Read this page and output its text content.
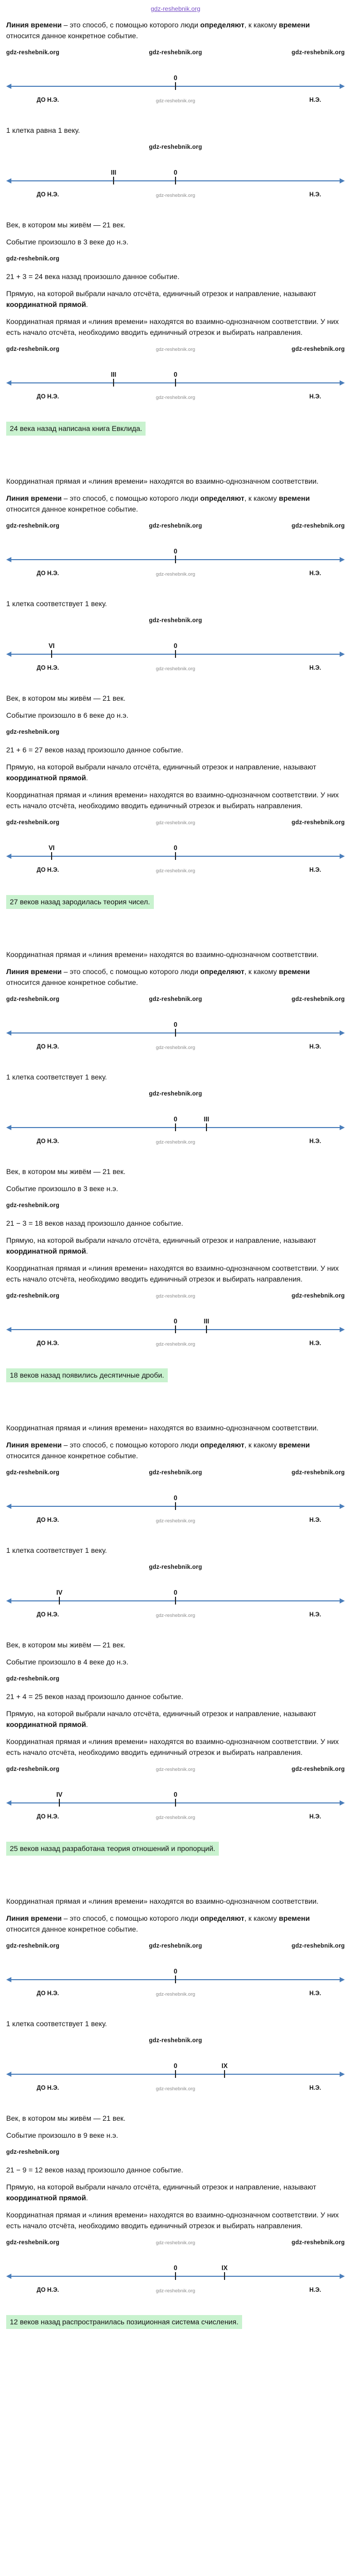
gdz-reshebnik.org

Линия времени – это способ, с помощью которого люди определяют, к какому времени относится данное конкретное событие.

gdz-reshebnik.org	gdz-reshebnik.org	gdz-reshebnik.org
0
ДО Н.Э.	gdz-reshebnik.org	Н.Э.

1 клетка равна 1 веку.

gdz-reshebnik.org
0
III
ДО Н.Э.	gdz-reshebnik.org	Н.Э.

Век, в котором мы живём — 21 век.

Событие произошло в 3 веке до н.э.

gdz-reshebnik.org

21 + 3 = 24 века назад произошло данное событие.

Прямую, на которой выбрали начало отсчёта, единичный отрезок и направление, называют координатной прямой.

Координатная прямая и «линия времени» находятся во взаимно-однозначном соответствии. У них есть начало отсчёта, необходимо вводить единичный отрезок и выбирать направления.

gdz-reshebnik.org	gdz-reshebnik.org	gdz-reshebnik.org
0
III
ДО Н.Э.	gdz-reshebnik.org	Н.Э.
24 века назад написана книга Евклида.

Координатная прямая и «линия времени» находятся во взаимно-однозначном соответствии.

Линия времени – это способ, с помощью которого люди определяют, к какому времени относится данное конкретное событие.

gdz-reshebnik.org	gdz-reshebnik.org	gdz-reshebnik.org
0
ДО Н.Э.	gdz-reshebnik.org	Н.Э.

1 клетка соответствует 1 веку.

gdz-reshebnik.org
0
VI
ДО Н.Э.	gdz-reshebnik.org	Н.Э.

Век, в котором мы живём — 21 век.

Событие произошло в 6 веке до н.э.

gdz-reshebnik.org

21 + 6 = 27 веков назад произошло данное событие.

Прямую, на которой выбрали начало отсчёта, единичный отрезок и направление, называют координатной прямой.

Координатная прямая и «линия времени» находятся во взаимно-однозначном соответствии. У них есть начало отсчёта, необходимо вводить единичный отрезок и выбирать направления.

gdz-reshebnik.org	gdz-reshebnik.org	gdz-reshebnik.org
0
VI
ДО Н.Э.	gdz-reshebnik.org	Н.Э.
27 веков назад зародилась теория чисел.

Координатная прямая и «линия времени» находятся во взаимно-однозначном соответствии.

Линия времени – это способ, с помощью которого люди определяют, к какому времени относится данное конкретное событие.

gdz-reshebnik.org	gdz-reshebnik.org	gdz-reshebnik.org
0
ДО Н.Э.	gdz-reshebnik.org	Н.Э.

1 клетка соответствует 1 веку.

gdz-reshebnik.org
0	III
ДО Н.Э.	gdz-reshebnik.org	Н.Э.

Век, в котором мы живём — 21 век.

Событие произошло в 3 веке н.э.

gdz-reshebnik.org

21 − 3 = 18 веков назад произошло данное событие.

Прямую, на которой выбрали начало отсчёта, единичный отрезок и направление, называют координатной прямой.

Координатная прямая и «линия времени» находятся во взаимно-однозначном соответствии. У них есть начало отсчёта, необходимо вводить единичный отрезок и выбирать направления.

gdz-reshebnik.org	gdz-reshebnik.org	gdz-reshebnik.org
0	III
ДО Н.Э.	gdz-reshebnik.org	Н.Э.
18 веков назад появились десятичные дроби.

Координатная прямая и «линия времени» находятся во взаимно-однозначном соответствии.

Линия времени – это способ, с помощью которого люди определяют, к какому времени относится данное конкретное событие.

gdz-reshebnik.org	gdz-reshebnik.org	gdz-reshebnik.org
0
ДО Н.Э.	gdz-reshebnik.org	Н.Э.

1 клетка соответствует 1 веку.

gdz-reshebnik.org
0
IV
ДО Н.Э.	gdz-reshebnik.org	Н.Э.

Век, в котором мы живём — 21 век.

Событие произошло в 4 веке до н.э.

gdz-reshebnik.org

21 + 4 = 25 веков назад произошло данное событие.

Прямую, на которой выбрали начало отсчёта, единичный отрезок и направление, называют координатной прямой.

Координатная прямая и «линия времени» находятся во взаимно-однозначном соответствии. У них есть начало отсчёта, необходимо вводить единичный отрезок и выбирать направления.

gdz-reshebnik.org	gdz-reshebnik.org	gdz-reshebnik.org
0
IV
ДО Н.Э.	gdz-reshebnik.org	Н.Э.
25 веков назад разработана теория отношений и пропорций.

Координатная прямая и «линия времени» находятся во взаимно-однозначном соответствии.

Линия времени – это способ, с помощью которого люди определяют, к какому времени относится данное конкретное событие.

gdz-reshebnik.org	gdz-reshebnik.org	gdz-reshebnik.org
0
ДО Н.Э.	gdz-reshebnik.org	Н.Э.

1 клетка соответствует 1 веку.

gdz-reshebnik.org
0	IX
ДО Н.Э.	gdz-reshebnik.org	Н.Э.

Век, в котором мы живём — 21 век.

Событие произошло в 9 веке н.э.

gdz-reshebnik.org

21 − 9 = 12 веков назад произошло данное событие.

Прямую, на которой выбрали начало отсчёта, единичный отрезок и направление, называют координатной прямой.

Координатная прямая и «линия времени» находятся во взаимно-однозначном соответствии. У них есть начало отсчёта, необходимо вводить единичный отрезок и выбирать направления.

gdz-reshebnik.org	gdz-reshebnik.org	gdz-reshebnik.org
0	IX
ДО Н.Э.	gdz-reshebnik.org	Н.Э.
12 веков назад распространилась позиционная система счисления.
